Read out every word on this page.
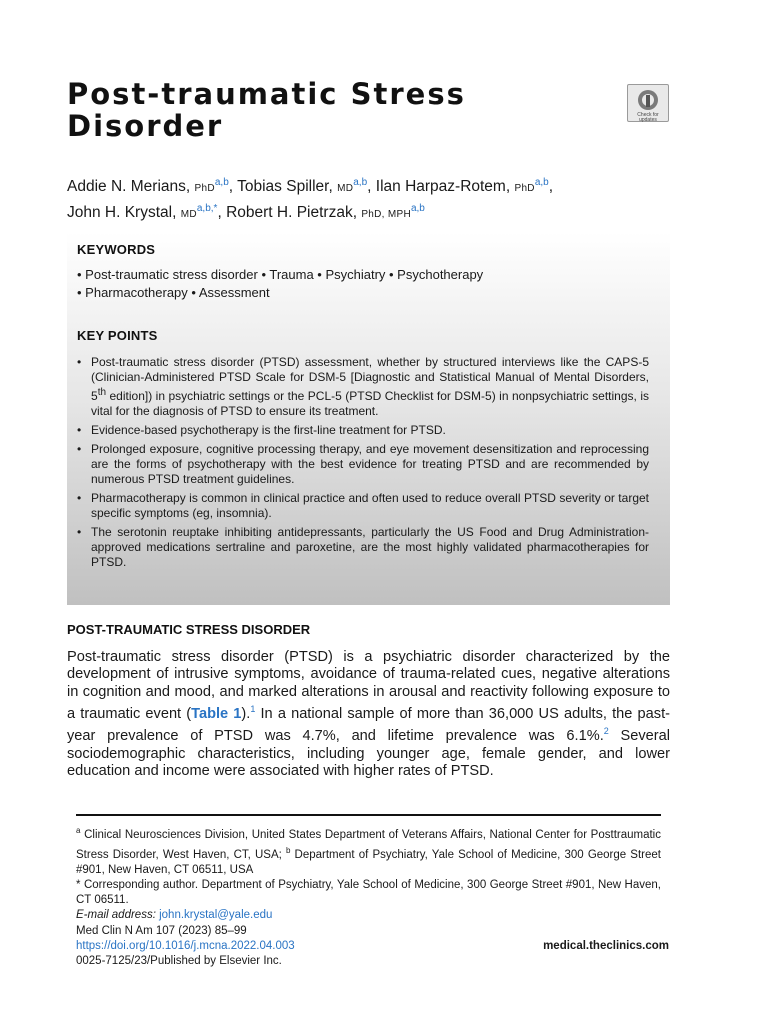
Post-traumatic Stress
Disorder	Check for updates
Addie N. Merians, PhD$^{a,b}$, Tobias Spiller, MD$^{a,b}$, Ilan Harpaz-Rotem, PhD$^{a,b}$,
John H. Krystal, $MD^{a,b,*}$, Robert H. Pietrzak, PhD, MPH$^{a,b}$
KEYWORDS
• Post-traumatic stress disorder • Trauma • Psychiatry • Psychotherapy
• Pharmacotherapy • Assessment
KEY POINTS
• Post-traumatic stress disorder (PTSD) assessment, whether by structured interviews like the CAPS-5 (Clinician-Administered PTSD Scale for DSM-5 [Diagnostic and Statistical Manual of Mental Disorders, 5th edition]) in psychiatric settings or the PCL-5 (PTSD Checklist for DSM-5) in nonpsychiatric settings, is vital for the diagnosis of PTSD to ensure its treatment.
• Evidence-based psychotherapy is the first-line treatment for PTSD.
• Prolonged exposure, cognitive processing therapy, and eye movement desensitization and reprocessing are the forms of psychotherapy with the best evidence for treating PTSD and are recommended by numerous PTSD treatment guidelines.
• Pharmacotherapy is common in clinical practice and often used to reduce overall PTSD severity or target specific symptoms (eg, insomnia).
• The serotonin reuptake inhibiting antidepressants, particularly the US Food and Drug Administration-approved medications sertraline and paroxetine, are the most highly validated pharmacotherapies for PTSD.
POST-TRAUMATIC STRESS DISORDER

Post-traumatic stress disorder (PTSD) is a psychiatric disorder characterized by the development of intrusive symptoms, avoidance of trauma-related cues, negative alterations in cognition and mood, and marked alterations in arousal and reactivity following exposure to a traumatic event (Table 1).$^1$ In a national sample of more than 36,000 US adults, the past-year prevalence of PTSD was 4.7%, and lifetime prevalence was 6.1%.$^2$ Several sociodemographic characteristics, including younger age, female gender, and lower education and income were associated with higher rates of PTSD.

$^a$ Clinical Neurosciences Division, United States Department of Veterans Affairs, National Center for Posttraumatic Stress Disorder, West Haven, CT, USA; $^b$ Department of Psychiatry, Yale School of Medicine, 300 George Street #901, New Haven, CT 06511, USA

* Corresponding author. Department of Psychiatry, Yale School of Medicine, 300 George Street #901, New Haven, CT 06511.

E-mail address: john.krystal@yale.edu

Med Clin N Am 107 (2023) 85–99
https://doi.org/10.1016/j.mcna.2022.04.003
0025-7125/23/Published by Elsevier Inc.
medical.theclinics.com
